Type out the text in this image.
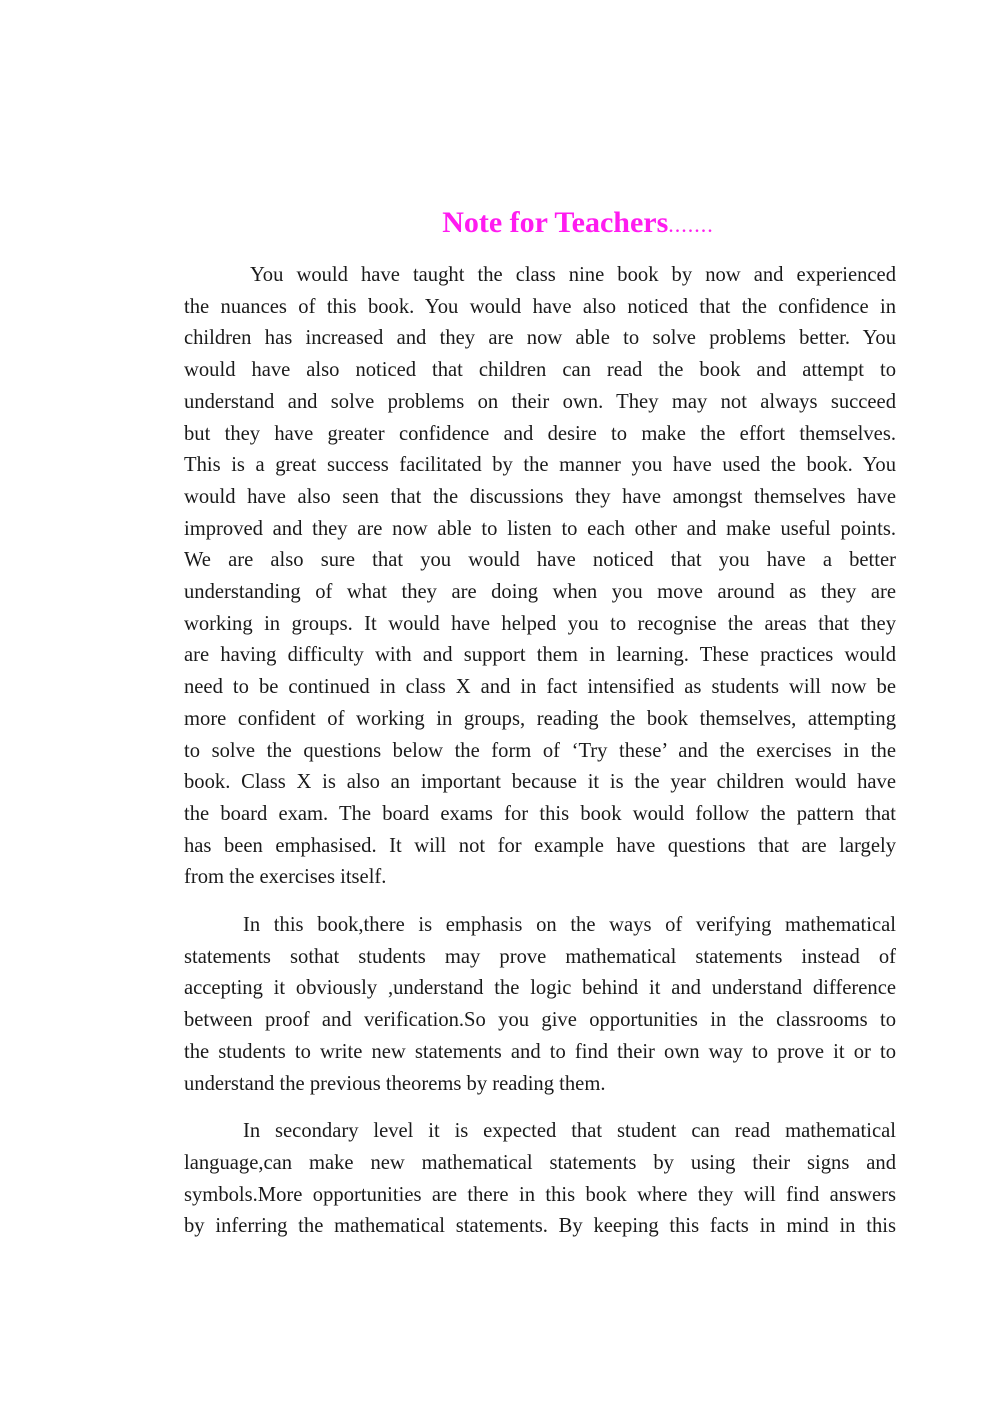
Note for Teachers.......
You would have taught the class nine book by now and experienced
the nuances of this book. You would have also noticed that the confidence in
children has increased and they are now able to solve problems better. You
would have also noticed that children can read the book and attempt to
understand and solve problems on their own. They may not always succeed
but they have greater confidence and desire to make the effort themselves.
This is a great success facilitated by the manner you have used the book. You
would have also seen that the discussions they have amongst themselves have
improved and they are now able to listen to each other and make useful points.
We are also sure that you would have noticed that you have a better
understanding of what they are doing when you move around as they are
working in groups. It would have helped you to recognise the areas that they
are having difficulty with and support them in learning. These practices would
need to be continued in class X and in fact intensified as students will now be
more confident of working in groups, reading the book themselves, attempting
to solve the questions below the form of ‘Try these’ and the exercises in the
book. Class X is also an important because it is the year children would have
the board exam. The board exams for this book would follow the pattern that
has been emphasised. It will not for example have questions that are largely
from the exercises itself.
In this book,there is emphasis on the ways of verifying mathematical
statements sothat students may prove mathematical statements instead of
accepting it obviously ,understand the logic behind it and understand difference
between proof and verification.So you give opportunities in the classrooms to
the students to write new statements and to find their own way to prove it or to
understand the previous theorems by reading them.
In secondary level it is expected that student can read mathematical
language,can make new mathematical statements by using their signs and
symbols.More opportunities are there in this book where they will find answers
by inferring the mathematical statements. By keeping this facts in mind in this
